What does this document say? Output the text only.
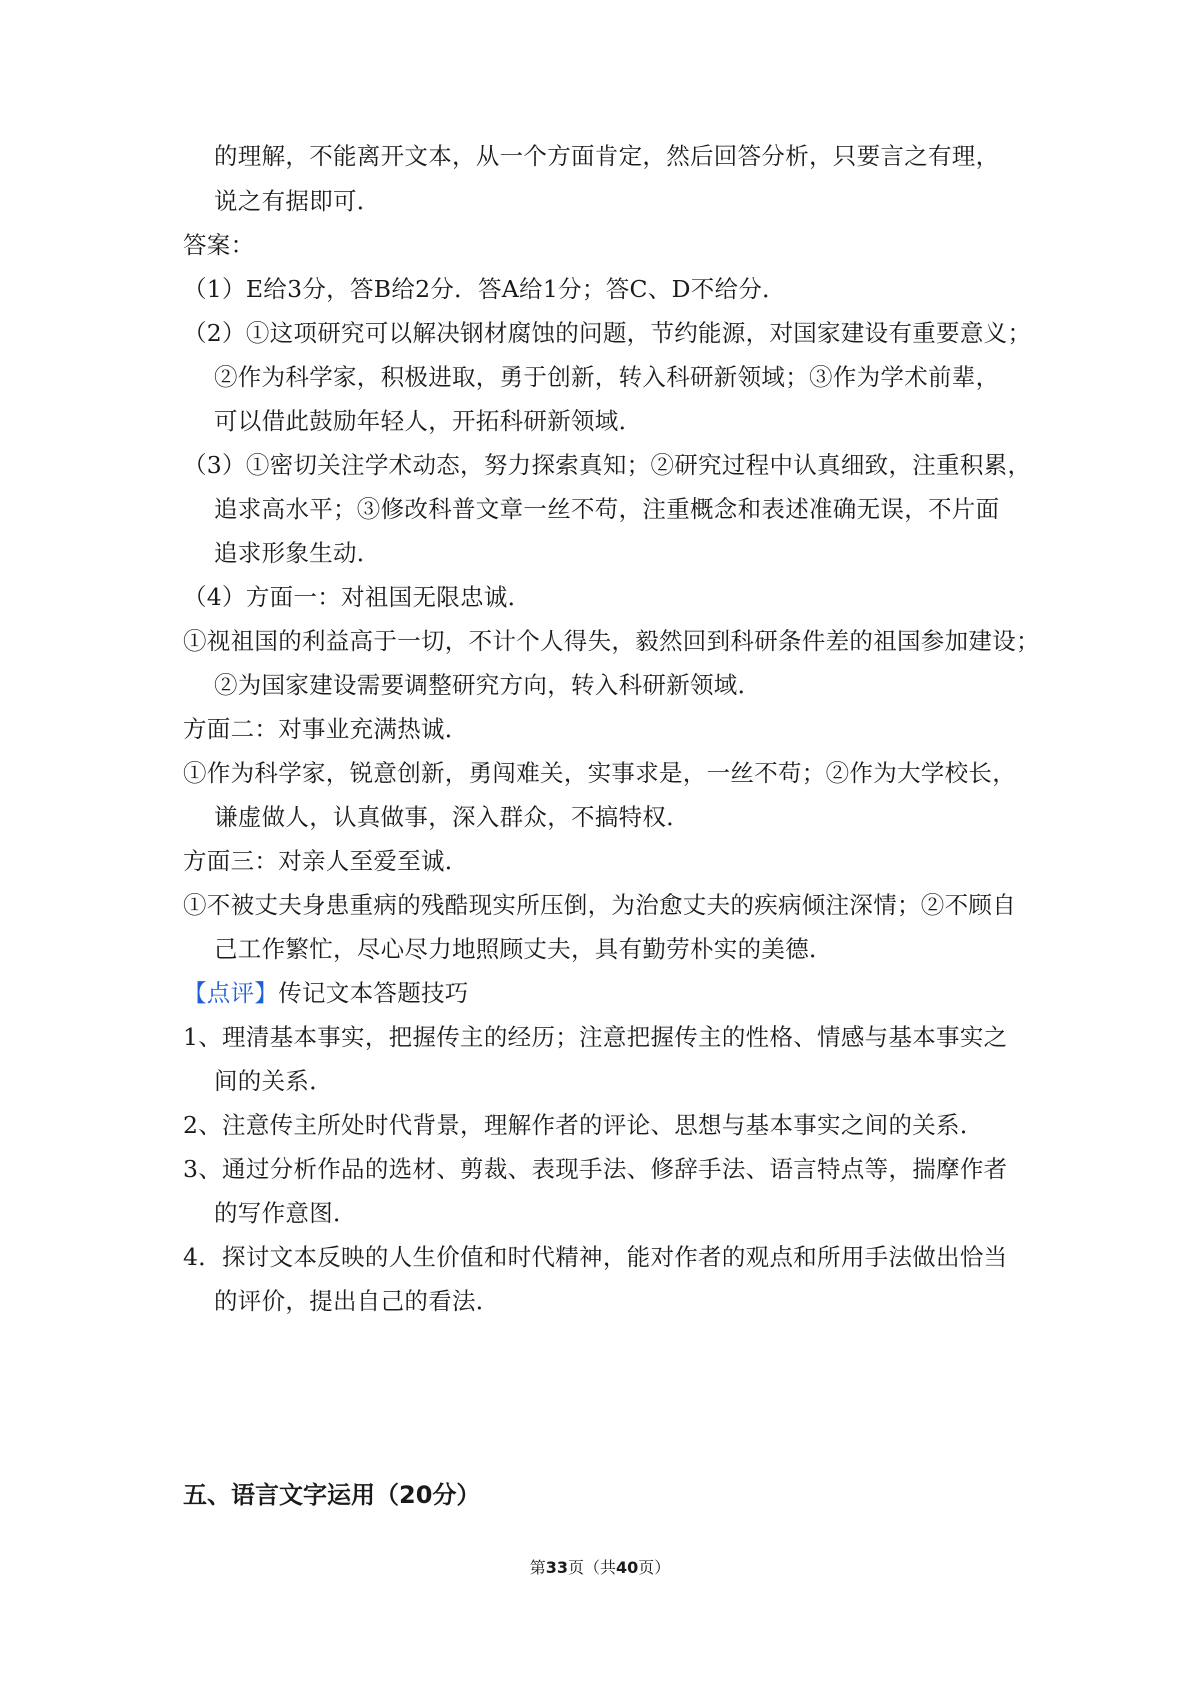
的理解，不能离开文本，从一个方面肯定，然后回答分析，只要言之有理，
说之有据即可．
答案：
（1）E给3分，答B给2分．答A给1分；答C、D不给分．
（2）①这项研究可以解决钢材腐蚀的问题，节约能源，对国家建设有重要意义；
②作为科学家，积极进取，勇于创新，转入科研新领域；③作为学术前辈，
可以借此鼓励年轻人，开拓科研新领域．
（3）①密切关注学术动态，努力探索真知；②研究过程中认真细致，注重积累，
追求高水平；③修改科普文章一丝不苟，注重概念和表述准确无误，不片面
追求形象生动．
（4）方面一：对祖国无限忠诚．
①视祖国的利益高于一切，不计个人得失，毅然回到科研条件差的祖国参加建设；
②为国家建设需要调整研究方向，转入科研新领域．
方面二：对事业充满热诚．
①作为科学家，锐意创新，勇闯难关，实事求是，一丝不苟；②作为大学校长，
谦虚做人，认真做事，深入群众，不搞特权．
方面三：对亲人至爱至诚．
①不被丈夫身患重病的残酷现实所压倒，为治愈丈夫的疾病倾注深情；②不顾自
己工作繁忙，尽心尽力地照顾丈夫，具有勤劳朴实的美德．
【点评】传记文本答题技巧
1、理清基本事实，把握传主的经历；注意把握传主的性格、情感与基本事实之
间的关系．
2、注意传主所处时代背景，理解作者的评论、思想与基本事实之间的关系．
3、通过分析作品的选材、剪裁、表现手法、修辞手法、语言特点等，揣摩作者
的写作意图．
4．探讨文本反映的人生价值和时代精神，能对作者的观点和所用手法做出恰当
的评价，提出自己的看法．
五、语言文字运用（20分）
第33页（共40页）
